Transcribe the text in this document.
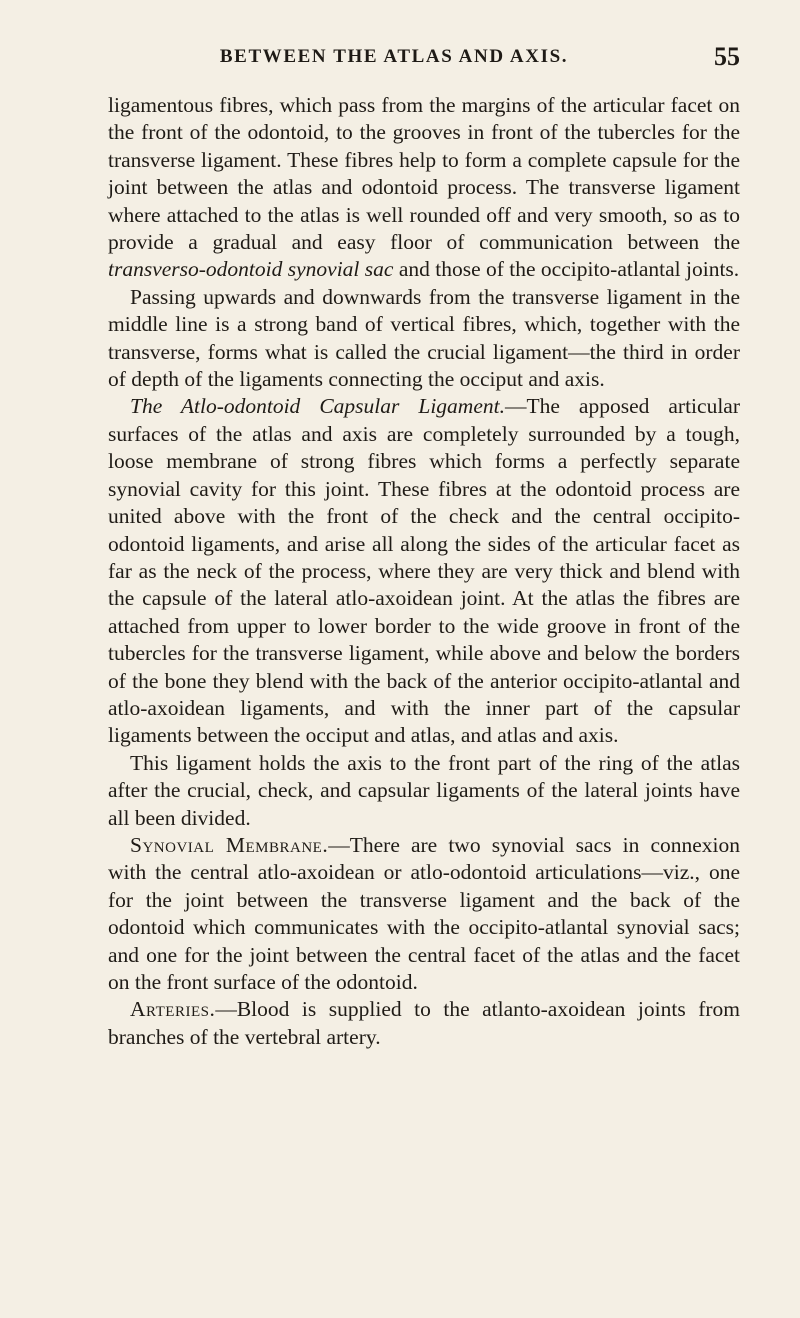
BETWEEN THE ATLAS AND AXIS.	55

ligamentous fibres, which pass from the margins of the articular facet on the front of the odontoid, to the grooves in front of the tubercles for the transverse ligament. These fibres help to form a complete capsule for the joint between the atlas and odontoid process. The transverse ligament where attached to the atlas is well rounded off and very smooth, so as to provide a gradual and easy floor of communication between the transverso-odontoid synovial sac and those of the occipito-atlantal joints.

Passing upwards and downwards from the transverse ligament in the middle line is a strong band of vertical fibres, which, together with the transverse, forms what is called the crucial ligament—the third in order of depth of the ligaments connecting the occiput and axis.

The Atlo-odontoid Capsular Ligament.—The apposed articular surfaces of the atlas and axis are completely surrounded by a tough, loose membrane of strong fibres which forms a perfectly separate synovial cavity for this joint. These fibres at the odontoid process are united above with the front of the check and the central occipito-odontoid ligaments, and arise all along the sides of the articular facet as far as the neck of the process, where they are very thick and blend with the capsule of the lateral atlo-axoidean joint. At the atlas the fibres are attached from upper to lower border to the wide groove in front of the tubercles for the transverse ligament, while above and below the borders of the bone they blend with the back of the anterior occipito-atlantal and atlo-axoidean ligaments, and with the inner part of the capsular ligaments between the occiput and atlas, and atlas and axis.

This ligament holds the axis to the front part of the ring of the atlas after the crucial, check, and capsular ligaments of the lateral joints have all been divided.

Synovial Membrane.—There are two synovial sacs in connexion with the central atlo-axoidean or atlo-odontoid articulations—viz., one for the joint between the transverse ligament and the back of the odontoid which communicates with the occipito-atlantal synovial sacs; and one for the joint between the central facet of the atlas and the facet on the front surface of the odontoid.

Arteries.—Blood is supplied to the atlanto-axoidean joints from branches of the vertebral artery.
